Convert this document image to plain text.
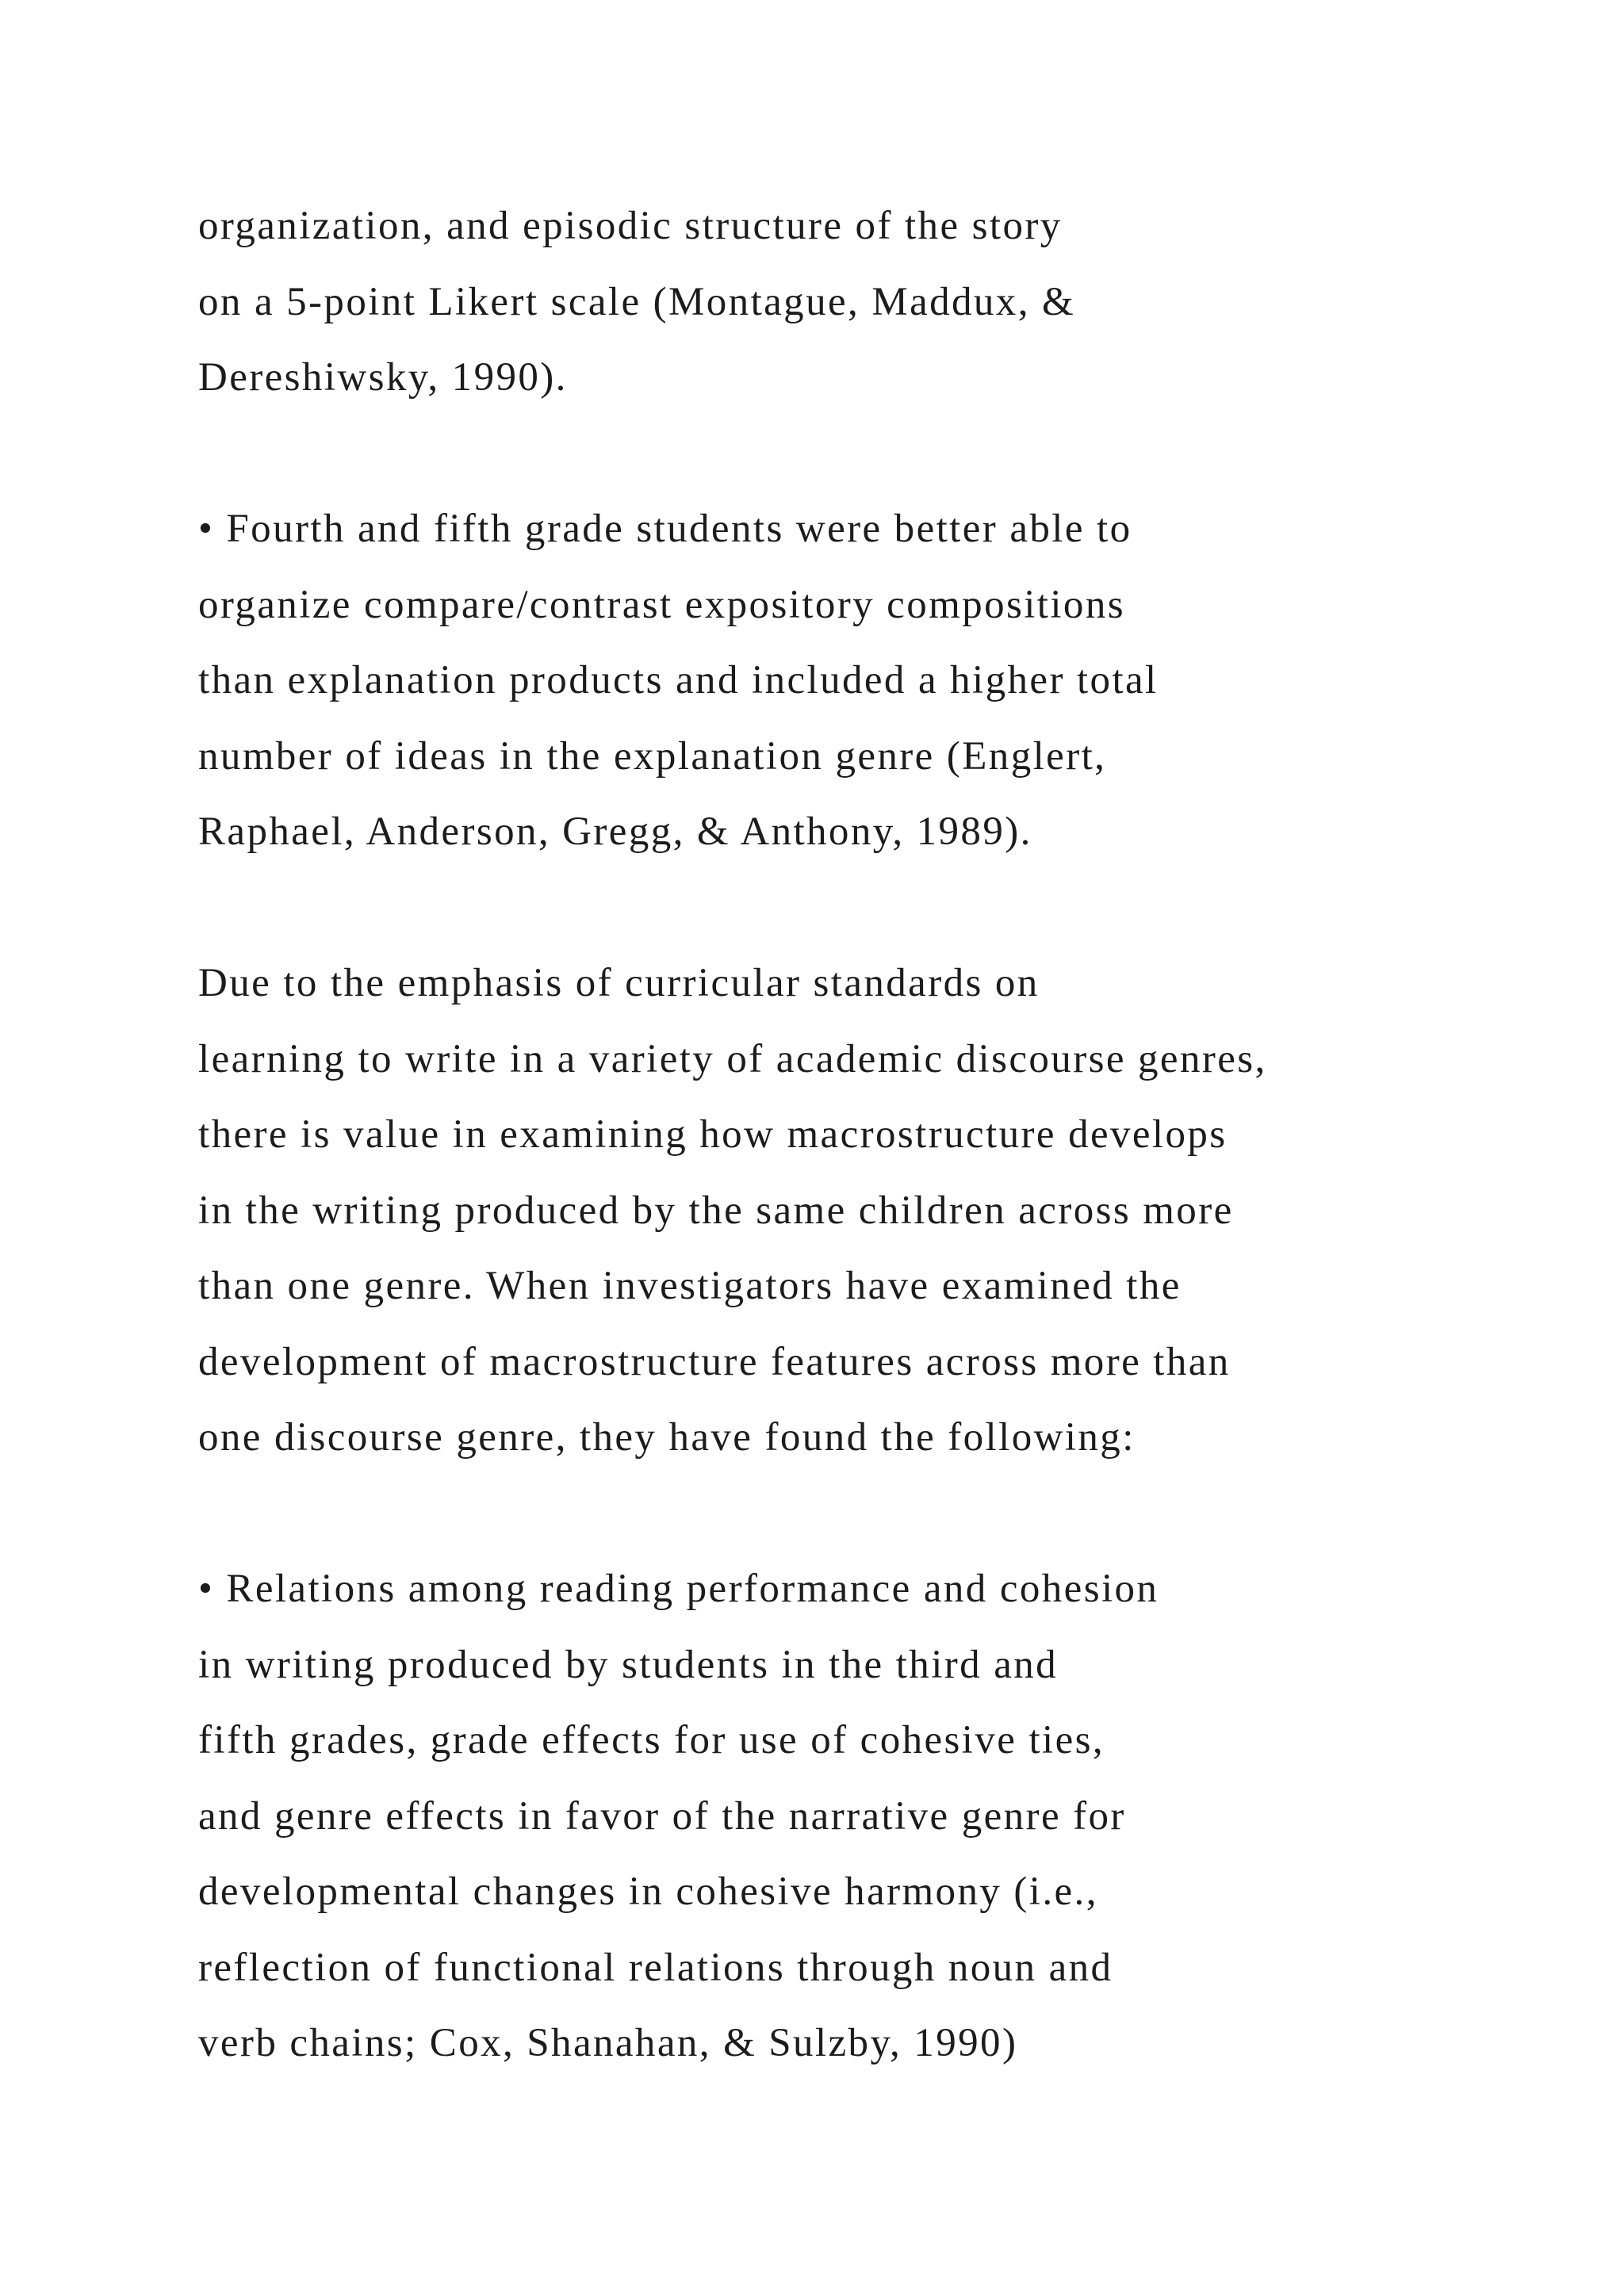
organization, and episodic structure of the story
on a 5-point Likert scale (Montague, Maddux, &
Dereshiwsky, 1990).
• Fourth and fifth grade students were better able to
organize compare/contrast expository compositions
than explanation products and included a higher total
number of ideas in the explanation genre (Englert,
Raphael, Anderson, Gregg, & Anthony, 1989).
Due to the emphasis of curricular standards on
learning to write in a variety of academic discourse genres,
there is value in examining how macrostructure develops
in the writing produced by the same children across more
than one genre. When investigators have examined the
development of macrostructure features across more than
one discourse genre, they have found the following:
• Relations among reading performance and cohesion
in writing produced by students in the third and
fifth grades, grade effects for use of cohesive ties,
and genre effects in favor of the narrative genre for
developmental changes in cohesive harmony (i.e.,
reflection of functional relations through noun and
verb chains; Cox, Shanahan, & Sulzby, 1990)
